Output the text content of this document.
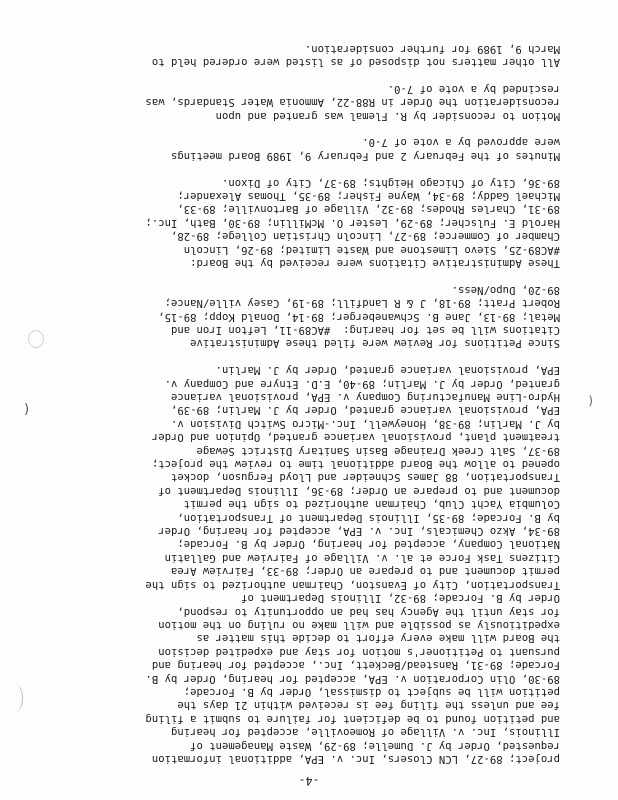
-4-
project; 89-27, LCN Closers, Inc. v. EPA, additional information
requested, Order by J. Dumelle; 89-29, Waste Management of
Illinois, Inc. v. Village of Romeoville, accepted for hearing
and petition found to be deficient for failure to submit a filing
fee and unless the filing fee is received within 21 days the
petition will be subject to dismissal, Order by B. Forcade;
89-30, Olin Corporation v. EPA, accepted for hearing, Order by B.
Forcade; 89-31, Ranstead/Beckett, Inc., accepted for hearing and
pursuant to Petitioner's motion for stay and expedited decision
the Board will make every effort to decide this matter as
expeditiously as possible and will make no ruling on the motion
for stay until the Agency has had an opportunity to respond,
Order by B. Forcade; 89-32, Illinois Department of
Transportation, City of Evanston, Chairman authorized to sign the
permit document and to prepare an Order; 89-33, Fairview Area
Citizens Task Force et al. v. Village of Fairview and Gallatin
National Company, accepted for hearing, Order by B. Forcade;
89-34, Akzo Chemicals, Inc. v. EPA, accepted for hearing, Order
by B. Forcade; 89-35, Illinois Department of Transportation,
Columbia Yacht Club, Chairman authorized to sign the permit
document and to prepare an Order; 89-36, Illinois Department of
Transportation, 88 James Schneider and Lloyd Ferguson, docket
opened to allow the Board additional time to review the project;
89-37, Salt Creek Drainage Basin Sanitary District Sewage
treatment plant, provisional variance granted, Opinion and Order
by J. Marlin; 89-38, Honeywell, Inc.-Micro Switch Division v.
EPA, provisional variance granted, Order by J. Marlin; 89-39,
Hydro-Line Manufacturing Company v. EPA, provisional variance
granted, Order by J. Marlin; 89-40, E.D. Etnyre and Company v.
EPA, provisional variance granted, Order by J. Marlin.
Since Petitions for Review were filed these Administrative
Citations will be set for hearing:  #AC89-11, Lefton Iron and
Metal; 89-13, Jane B. Schwaneberger; 89-14, Donald Kopp; 89-15,
Robert Pratt; 89-18, J & R Landfill; 89-19, Casey ville/Nance;
89-20, Dupo/Ness.
These Administrative Citations were received by the Board:
#AC89-25, Sievo Limestone and Waste Limited; 89-26, Lincoln
Chamber of Commerce; 89-27, Lincoln Christian College; 89-28,
Harold E. Fulscher; 89-29, Lester O. McMillin; 89-30, Bath, Inc.;
89-31, Charles Rhodes; 89-32, Village of Bartonville; 89-33,
Michael Gaddy; 89-34, Wayne Fisher; 89-35, Thomas Alexander;
89-36, City of Chicago Heights; 89-37, City of Dixon.
Minutes of the February 2 and February 9, 1989 Board meetings
were approved by a vote of 7-0.
Motion to reconsider by R. Flemal was granted and upon
reconsideration the Order in R88-22, Ammonia Water Standards, was
rescinded by a vote of 7-0.
All other matters not disposed of as listed were ordered held to
March 9, 1989 for further consideration.
(
(
